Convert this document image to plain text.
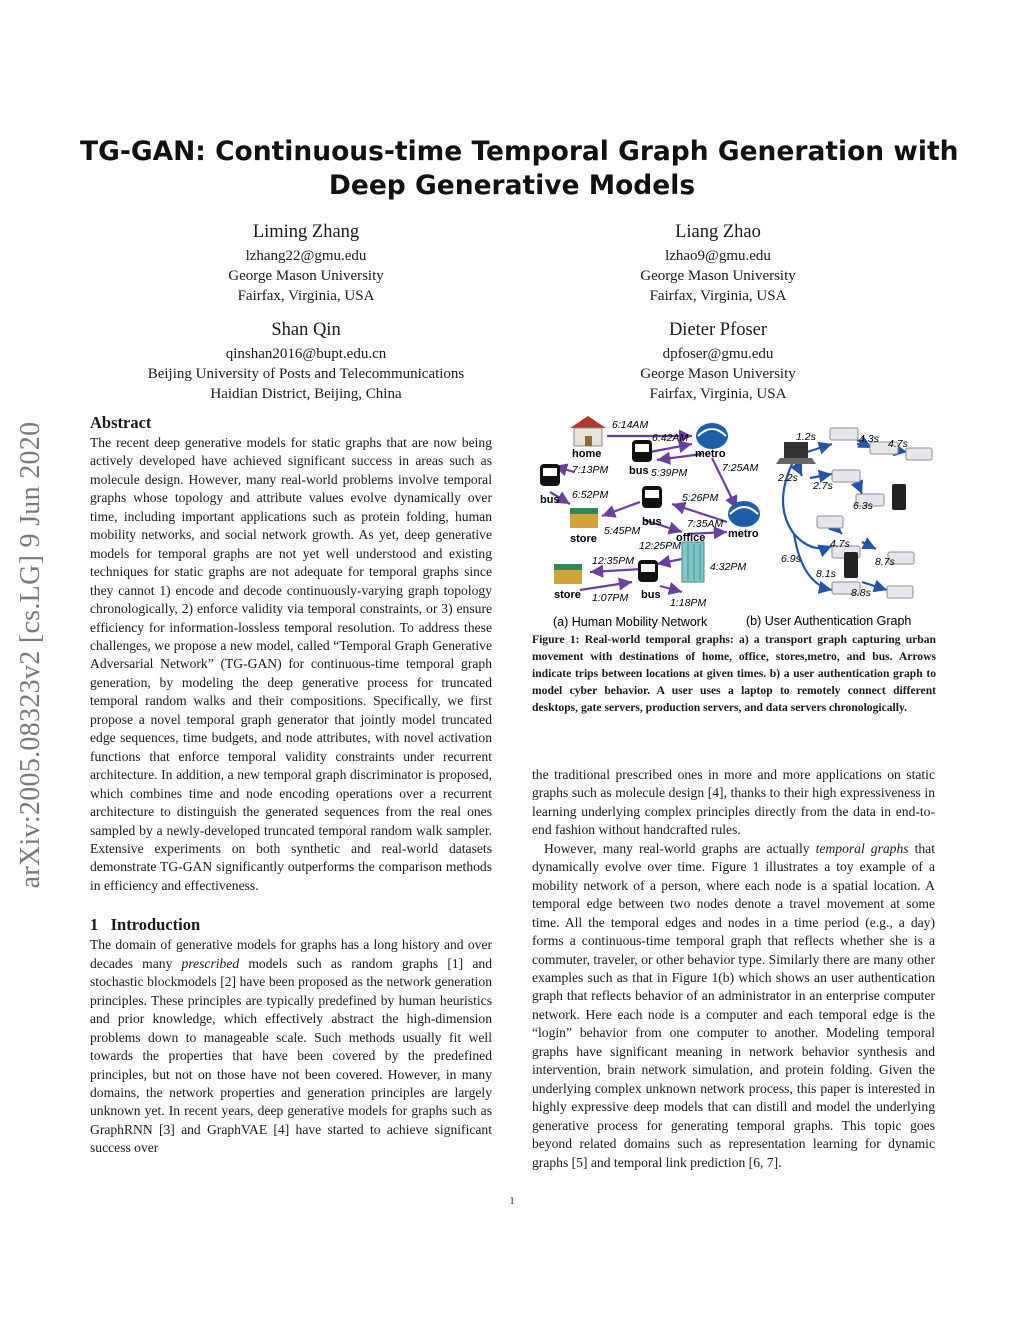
arXiv:2005.08323v2 [cs.LG] 9 Jun 2020
TG-GAN: Continuous-time Temporal Graph Generation with
Deep Generative Models
Liming Zhang
lzhang22@gmu.edu
George Mason University
Fairfax, Virginia, USA
Liang Zhao
lzhao9@gmu.edu
George Mason University
Fairfax, Virginia, USA
Shan Qin
qinshan2016@bupt.edu.cn
Beijing University of Posts and Telecommunications
Haidian District, Beijing, China
Dieter Pfoser
dpfoser@gmu.edu
George Mason University
Fairfax, Virginia, USA
Abstract

The recent deep generative models for static graphs that are now being actively developed have achieved significant success in areas such as molecule design. However, many real-world problems involve temporal graphs whose topology and attribute values evolve dynamically over time, including important applications such as protein folding, human mobility networks, and social network growth. As yet, deep generative models for temporal graphs are not yet well understood and existing techniques for static graphs are not adequate for temporal graphs since they cannot 1) encode and decode continuously-varying graph topology chronologically, 2) enforce validity via temporal constraints, or 3) ensure efficiency for information-lossless temporal resolution. To address these challenges, we propose a new model, called “Temporal Graph Generative Adversarial Network” (TG-GAN) for continuous-time temporal graph generation, by modeling the deep generative process for truncated temporal random walks and their compositions. Specifically, we first propose a novel temporal graph generator that jointly model truncated edge sequences, time budgets, and node attributes, with novel activation functions that enforce temporal validity constraints under recurrent architecture. In addition, a new temporal graph discriminator is proposed, which combines time and node encoding operations over a recurrent architecture to distinguish the generated sequences from the real ones sampled by a newly-developed truncated temporal random walk sampler. Extensive experiments on both synthetic and real-world datasets demonstrate TG-GAN significantly outperforms the comparison methods in efficiency and effectiveness.

1 Introduction

The domain of generative models for graphs has a long history and over decades many prescribed models such as random graphs [1] and stochastic blockmodels [2] have been proposed as the network generation principles. These principles are typically predefined by human heuristics and prior knowledge, which effectively abstract the high-dimension problems down to manageable scale. Such methods usually fit well towards the properties that have been covered by the predefined principles, but not on those have not been covered. However, in many domains, the network properties and generation principles are largely unknown yet. In recent years, deep generative models for graphs such as GraphRNN [3] and GraphVAE [4] have started to achieve significant success over

home
bus
metro
bus
bus
store	office metro
store	bus
6:14AM
6:42AM
7:13PM	5:39PM	7:25AM
6:52PM	5:26PM
7:35AM
5:45PM
12:25PM
12:35PM	4:32PM
1:07PM	1:18PM
1.2s	4.3s 4.7s
2.2s
2.7s
6.3s
6.9s
4.7s
8.7s
8.1s
8.8s
(a) Human Mobility Network	(b) User Authentication Graph
Figure 1: Real-world temporal graphs: a) a transport graph capturing urban movement with destinations of home, office, stores,metro, and bus. Arrows indicate trips between locations at given times. b) a user authentication graph to model cyber behavior. A user uses a laptop to remotely connect different desktops, gate servers, production servers, and data servers chronologically.

the traditional prescribed ones in more and more applications on static graphs such as molecule design [4], thanks to their high expressiveness in learning underlying complex principles directly from the data in end-to-end fashion without handcrafted rules.

However, many real-world graphs are actually temporal graphs that dynamically evolve over time. Figure 1 illustrates a toy example of a mobility network of a person, where each node is a spatial location. A temporal edge between two nodes denote a travel movement at some time. All the temporal edges and nodes in a time period (e.g., a day) forms a continuous-time temporal graph that reflects whether she is a commuter, traveler, or other behavior type. Similarly there are many other examples such as that in Figure 1(b) which shows an user authentication graph that reflects behavior of an administrator in an enterprise computer network. Here each node is a computer and each temporal edge is the “login” behavior from one computer to another. Modeling temporal graphs have significant meaning in network behavior synthesis and intervention, brain network simulation, and protein folding. Given the underlying complex unknown network process, this paper is interested in highly expressive deep models that can distill and model the underlying generative process for generating temporal graphs. This topic goes beyond related domains such as representation learning for dynamic graphs [5] and temporal link prediction [6, 7].

1
